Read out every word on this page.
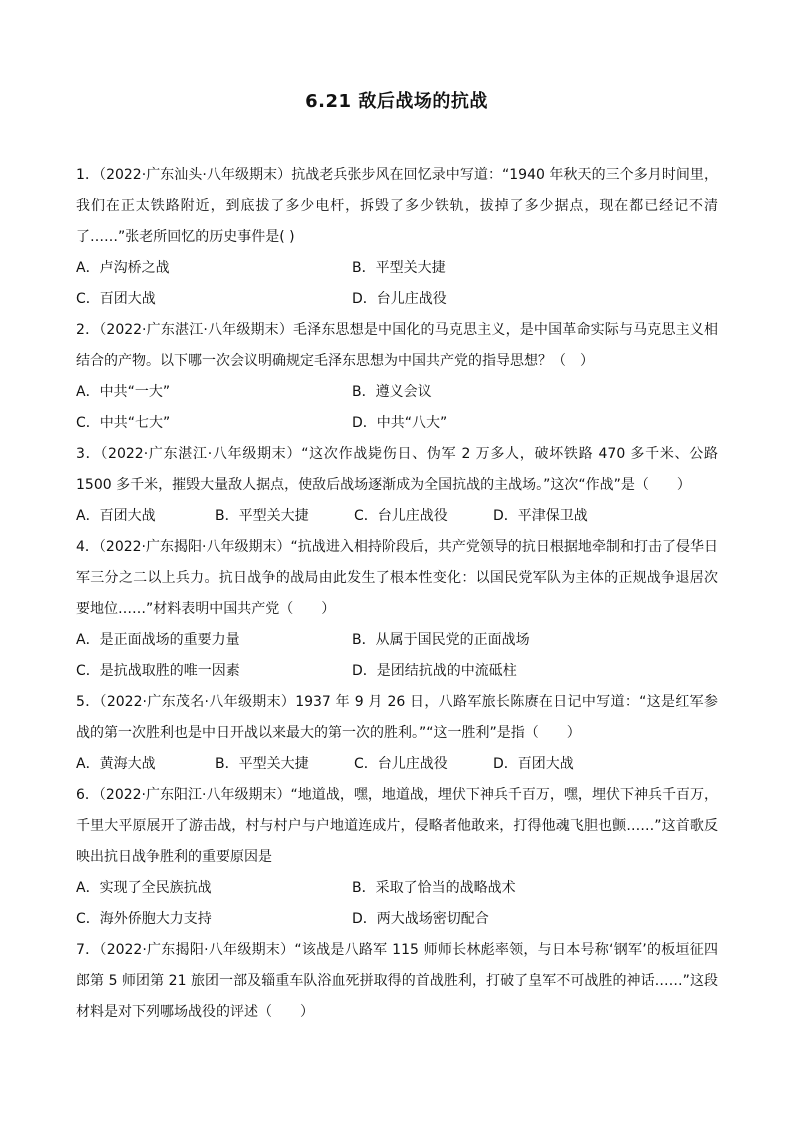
6.21 敌后战场的抗战

1．（2022·广东汕头·八年级期末）抗战老兵张步风在回忆录中写道：“1940 年秋天的三个多月时间里，我们在正太铁路附近，到底拔了多少电杆，拆毁了多少铁轨，拔掉了多少据点，现在都已经记不清了……”张老所回忆的历史事件是( )

A．卢沟桥之战	B．平型关大捷
C．百团大战	D．台儿庄战役

2．（2022·广东湛江·八年级期末）毛泽东思想是中国化的马克思主义，是中国革命实际与马克思主义相结合的产物。以下哪一次会议明确规定毛泽东思想为中国共产党的指导思想？（　）

A．中共“一大”	B．遵义会议
C．中共“七大”	D．中共“八大”

3．（2022·广东湛江·八年级期末）“这次作战毙伤日、伪军 2 万多人，破坏铁路 470 多千米、公路 1500 多千米，摧毁大量敌人据点，使敌后战场逐渐成为全国抗战的主战场。”这次“作战”是（　　）

A．百团大战	B．平型关大捷	C．台儿庄战役	D．平津保卫战

4．（2022·广东揭阳·八年级期末）“抗战进入相持阶段后，共产党领导的抗日根据地牵制和打击了侵华日军三分之二以上兵力。抗日战争的战局由此发生了根本性变化：以国民党军队为主体的正规战争退居次要地位……”材料表明中国共产党（　　）

A．是正面战场的重要力量	B．从属于国民党的正面战场
C．是抗战取胜的唯一因素	D．是团结抗战的中流砥柱

5．（2022·广东茂名·八年级期末）1937 年 9 月 26 日，八路军旅长陈赓在日记中写道：“这是红军参战的第一次胜利也是中日开战以来最大的第一次的胜利。”“这一胜利”是指（　　）

A．黄海大战	B．平型关大捷	C．台儿庄战役	D．百团大战

6．（2022·广东阳江·八年级期末）“地道战，嘿，地道战，埋伏下神兵千百万，嘿，埋伏下神兵千百万，千里大平原展开了游击战，村与村户与户地道连成片，侵略者他敢来，打得他魂飞胆也颤……”这首歌反映出抗日战争胜利的重要原因是

A．实现了全民族抗战	B．采取了恰当的战略战术
C．海外侨胞大力支持	D．两大战场密切配合

7．（2022·广东揭阳·八年级期末）“该战是八路军 115 师师长林彪率领，与日本号称‘钢军’的板垣征四郎第 5 师团第 21 旅团一部及辎重车队浴血死拼取得的首战胜利，打破了皇军不可战胜的神话……”这段材料是对下列哪场战役的评述（　　）
